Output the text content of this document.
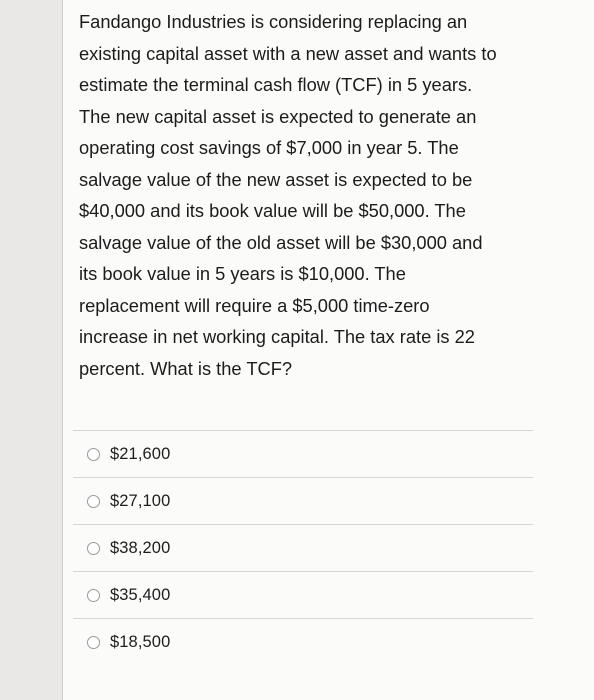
Fandango Industries is considering replacing an
existing capital asset with a new asset and wants to
estimate the terminal cash flow (TCF) in 5 years.
The new capital asset is expected to generate an
operating cost savings of $7,000 in year 5. The
salvage value of the new asset is expected to be
$40,000 and its book value will be $50,000. The
salvage value of the old asset will be $30,000 and
its book value in 5 years is $10,000. The
replacement will require a $5,000 time-zero
increase in net working capital. The tax rate is 22
percent. What is the TCF?

$21,600
$27,100
$38,200
$35,400
$18,500
